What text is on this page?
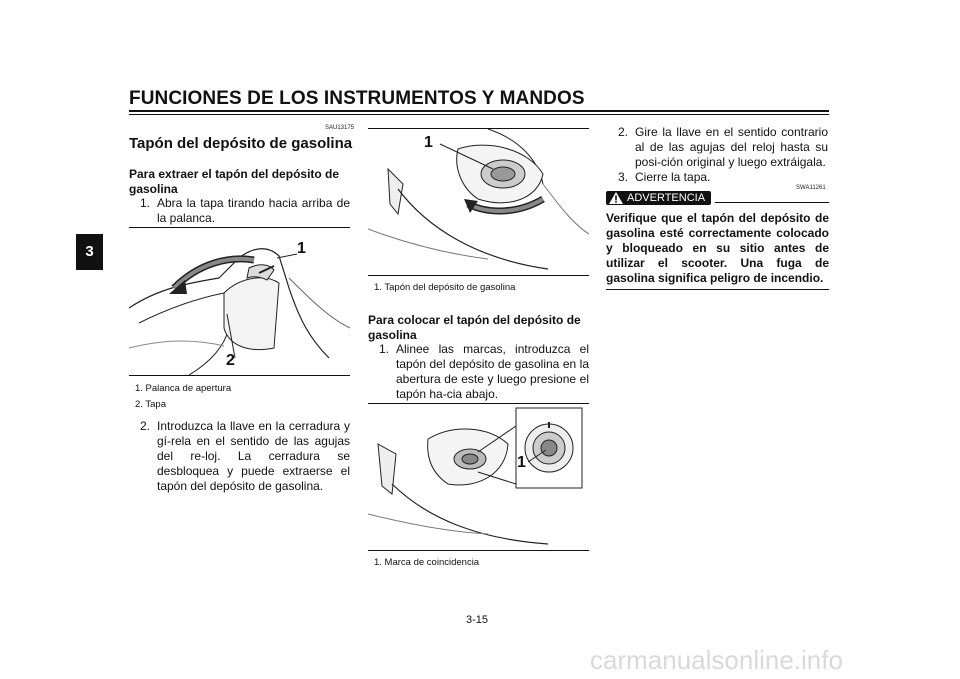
FUNCIONES DE LOS INSTRUMENTOS Y MANDOS
3
SAU13175
Tapón del depósito de gasolina
Para extraer el tapón del depósito de gasolina
1. Abra la tapa tirando hacia arriba de la palanca.
1
2
1. Palanca de apertura
2. Tapa
2. Introduzca la llave en la cerradura y gí-rela en el sentido de las agujas del re-loj. La cerradura se desbloquea y puede extraerse el tapón del depósito de gasolina.
1
1. Tapón del depósito de gasolina
Para colocar el tapón del depósito de gasolina
1. Alinee las marcas, introduzca el tapón del depósito de gasolina en la abertura de este y luego presione el tapón ha-cia abajo.
1
1. Marca de coincidencia
2. Gire la llave en el sentido contrario al de las agujas del reloj hasta su posi-ción original y luego extráigala.
3. Cierre la tapa.
SWA11261
ADVERTENCIA
Verifique que el tapón del depósito de gasolina esté correctamente colocado y bloqueado en su sitio antes de utilizar el scooter. Una fuga de gasolina significa peligro de incendio.
3-15
carmanualsonline.info
